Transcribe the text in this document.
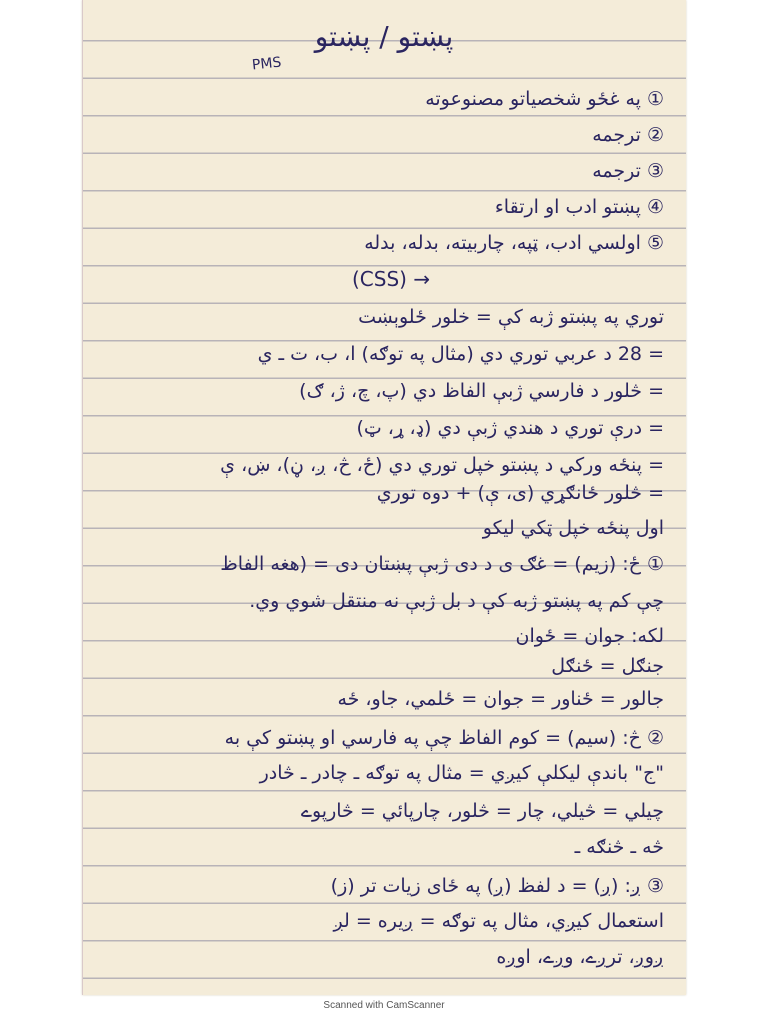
پښتو / پښتو
PMS
① په غځو شخصیاتو مصنوعوته
② ترجمه
③ ترجمه
④ پښتو ادب او ارتقاء
⑤ اولسي ادب، ټپه، چاربیته، بدله، بدله
(CSS) →
توري په پښتو ژبه کې = خلور ځلوېښت
= 28 د عربي توري دي (مثال په توګه) ا، ب، ت ـ ي
= څلور د فارسي ژبې الفاظ دي (پ، چ، ژ، ګ)
= درې توري د هندي ژبې دي (ډ، ړ، ټ)
= پنځه ورکي د پښتو خپل توري دي (ځ، څ، ږ، ڼ)، ښ، ې
= څلور ځانګړي (ی، ې) + دوه توري
اول پنځه خپل ټکي لیکو
① ځ: (زیم) = غګ ی د دی ژبې پښتان دی = (هغه الفاظ
چې کم په پښتو ژبه کې د بل ژبې نه منتقل شوي وي.
لکه: جوان = ځوان
جنګل = ځنګل
جالور = ځناور = جوان = ځلمي، جاو، ځه
② څ: (سیم) = کوم الفاظ چې په فارسي او پښتو کې به
"ج" باندې لیکلې کیږي = مثال په توګه ـ چادر ـ څادر
چیلي = څیلي، چار = څلور، چارپائي = څارپوے
څه ـ څنګه ـ
③ ږ: (ږ) = د لفظ (ږ) په ځای زیات تر (ز)
استعمال کیږي، مثال په توګه = ږیره = لږ
ږوږ، ترږے، وږے، اوږه
Scanned with CamScanner
